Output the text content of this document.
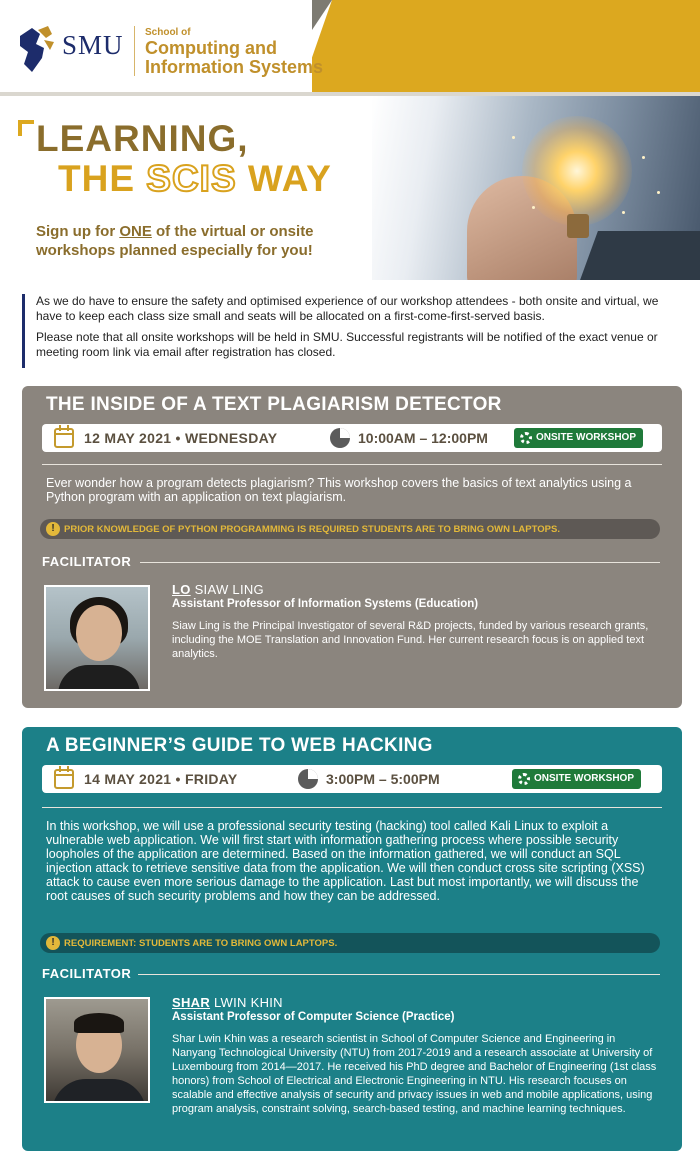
SMU School of
Computing and
Information Systems
LEARNING,
THE SCIS WAY
Sign up for ONE of the virtual or onsite workshops planned especially for you!

As we do have to ensure the safety and optimised experience of our workshop attendees - both onsite and virtual, we have to keep each class size small and seats will be allocated on a first-come-first-served basis.

Please note that all onsite workshops will be held in SMU. Successful registrants will be notified of the exact venue or meeting room link via email after registration has closed.

THE INSIDE OF A TEXT PLAGIARISM DETECTOR
12 MAY 2021 • WEDNESDAY	10:00AM – 12:00PM	ONSITE WORKSHOP
Ever wonder how a program detects plagiarism? This workshop covers the basics of text analytics using a Python program with an application on text plagiarism.
! PRIOR KNOWLEDGE OF PYTHON PROGRAMMING IS REQUIRED STUDENTS ARE TO BRING OWN LAPTOPS.
FACILITATOR
LO SIAW LING
Assistant Professor of Information Systems (Education)
Siaw Ling is the Principal Investigator of several R&D projects, funded by various research grants, including the MOE Translation and Innovation Fund. Her current research focus is on applied text analytics.
A BEGINNER’S GUIDE TO WEB HACKING
14 MAY 2021 • FRIDAY	3:00PM – 5:00PM	ONSITE WORKSHOP
In this workshop, we will use a professional security testing (hacking) tool called Kali Linux to exploit a vulnerable web application. We will first start with information gathering process where possible security loopholes of the application are determined. Based on the information gathered, we will conduct an SQL injection attack to retrieve sensitive data from the application. We will then conduct cross site scripting (XSS) attack to cause even more serious damage to the application. Last but most importantly, we will discuss the root causes of such security problems and how they can be addressed.
! REQUIREMENT: STUDENTS ARE TO BRING OWN LAPTOPS.
FACILITATOR
SHAR LWIN KHIN
Assistant Professor of Computer Science (Practice)
Shar Lwin Khin was a research scientist in School of Computer Science and Engineering in Nanyang Technological University (NTU) from 2017-2019 and a research associate at University of Luxembourg from 2014—2017. He received his PhD degree and Bachelor of Engineering (1st class honors) from School of Electrical and Electronic Engineering in NTU. His research focuses on scalable and effective analysis of security and privacy issues in web and mobile applications, using program analysis, constraint solving, search-based testing, and machine learning techniques.
